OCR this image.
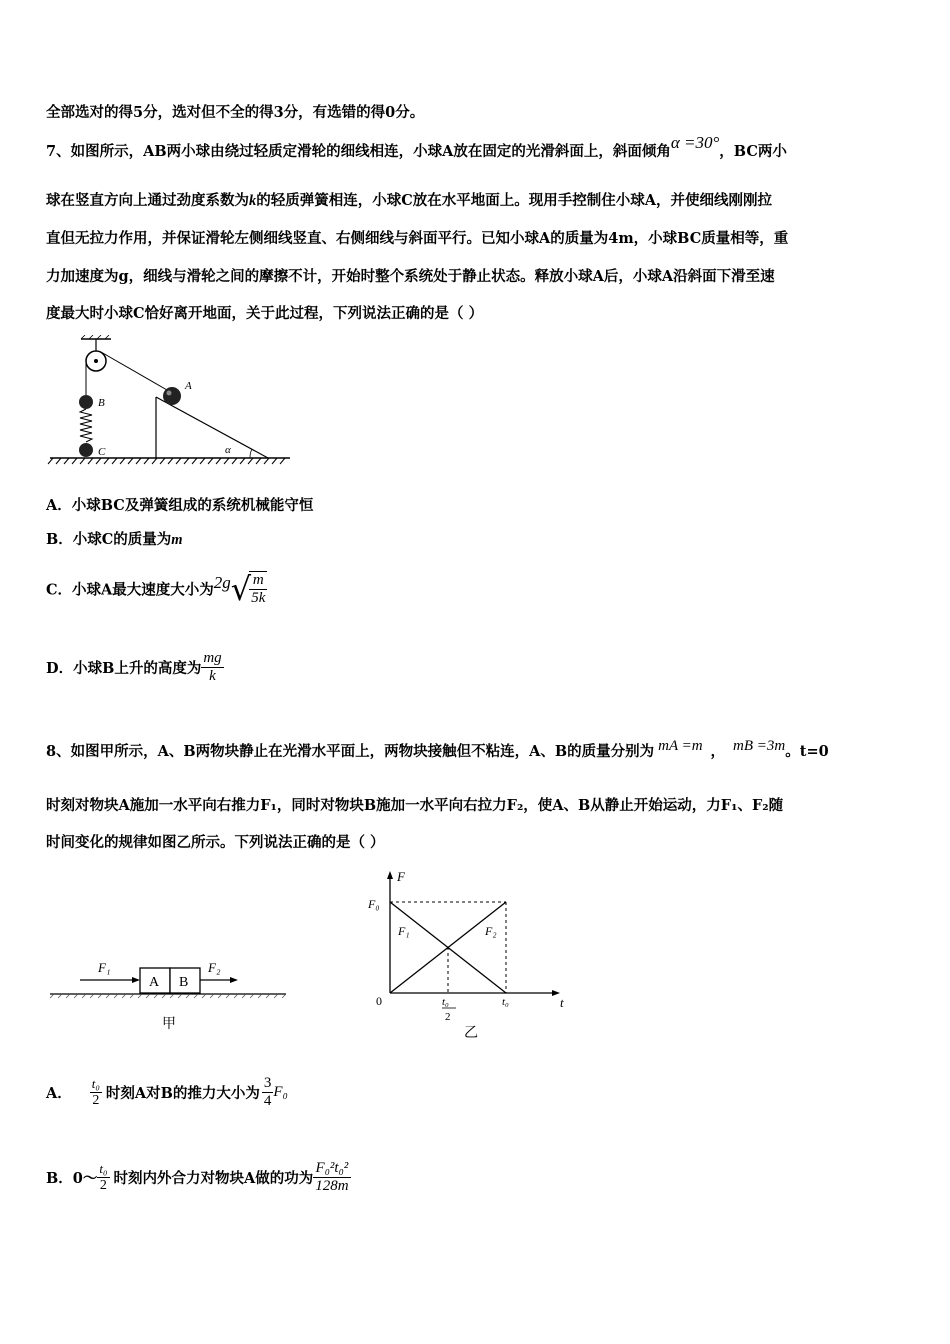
全部选对的得5分，选对但不全的得3分，有选错的得0分。
7、如图所示，AB两小球由绕过轻质定滑轮的细线相连，小球A放在固定的光滑斜面上，斜面倾角α =30°，BC两小
球在竖直方向上通过劲度系数为k的轻质弹簧相连，小球C放在水平地面上。现用手控制住小球A，并使细线刚刚拉
直但无拉力作用，并保证滑轮左侧细线竖直、右侧细线与斜面平行。已知小球A的质量为4m，小球BC质量相等，重
力加速度为g，细线与滑轮之间的摩擦不计，开始时整个系统处于静止状态。释放小球A后，小球A沿斜面下滑至速
度最大时小球C恰好离开地面，关于此过程，下列说法正确的是（ ）
B
C
A
α
A．小球BC及弹簧组成的系统机械能守恒
B．小球C的质量为m
C．小球A最大速度大小为2g√
$\frac{m}{5k}$
D．小球B上升的高度为 $\frac{mg}{k}$
8、如图甲所示，A、B两物块静止在光滑水平面上，两物块接触但不粘连，A、B的质量分别为 mA =m ， mB =3m。t=0
时刻对物块A施加一水平向右推力F₁，同时对物块B施加一水平向右拉力F₂，使A、B从静止开始运动，力F₁、F₂随
时间变化的规律如图乙所示。下列说法正确的是（ ）
A B
F₁	F₂
甲
F
t
0
F₀
F₁	F₂
t₀
2
t₀
乙
A． $\frac{\text{t₀}}{2}$ 时刻A对B的推力大小为 $\frac{3}{4} F_0$
B．0～ $\frac{\text{t₀}}{2}$ 时刻内外合力对物块A做的功为 $\frac{\text{F₀²t₀²}}{128m}$
